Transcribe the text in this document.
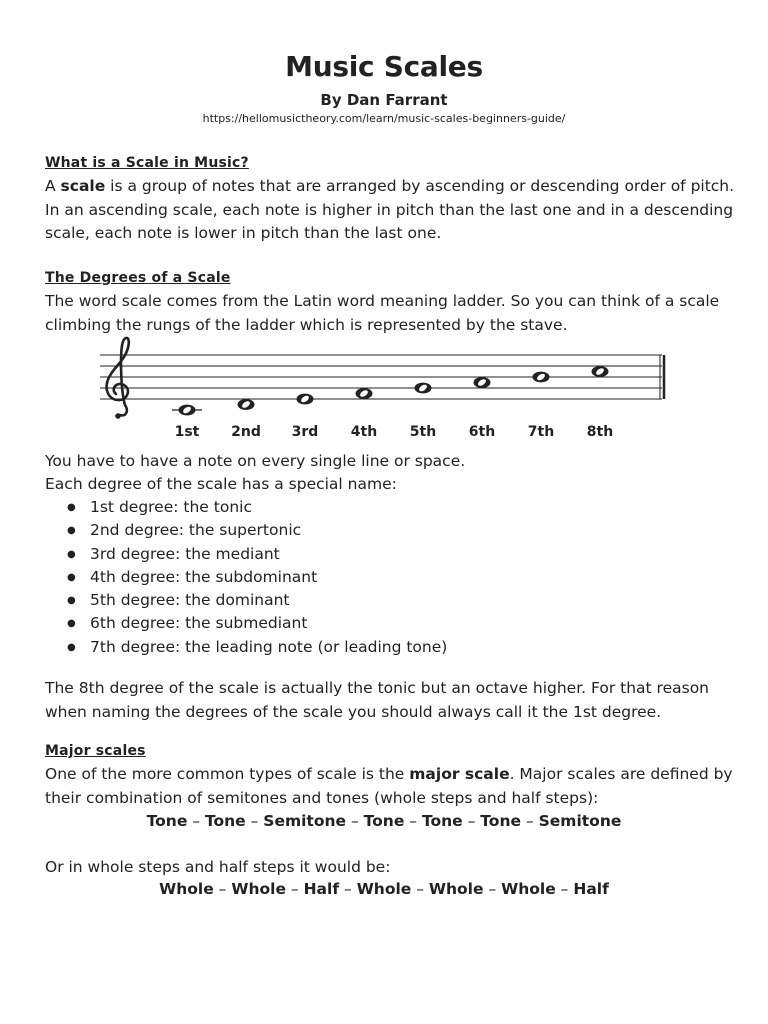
Music Scales
By Dan Farrant
https://hellomusictheory.com/learn/music-scales-beginners-guide/
What is a Scale in Music?
A scale is a group of notes that are arranged by ascending or descending order of pitch. In an ascending scale, each note is higher in pitch than the last one and in a descending scale, each note is lower in pitch than the last one.
The Degrees of a Scale
The word scale comes from the Latin word meaning ladder. So you can think of a scale climbing the rungs of the ladder which is represented by the stave.
1st 2nd 3rd 4th 5th 6th 7th 8th
You have to have a note on every single line or space.
Each degree of the scale has a special name:
● 1st degree: the tonic
● 2nd degree: the supertonic
● 3rd degree: the mediant
● 4th degree: the subdominant
● 5th degree: the dominant
● 6th degree: the submediant
● 7th degree: the leading note (or leading tone)
The 8th degree of the scale is actually the tonic but an octave higher. For that reason when naming the degrees of the scale you should always call it the 1st degree.
Major scales
One of the more common types of scale is the major scale. Major scales are defined by their combination of semitones and tones (whole steps and half steps):
Tone – Tone – Semitone – Tone – Tone – Tone – Semitone
Or in whole steps and half steps it would be:
Whole – Whole – Half – Whole – Whole – Whole – Half
